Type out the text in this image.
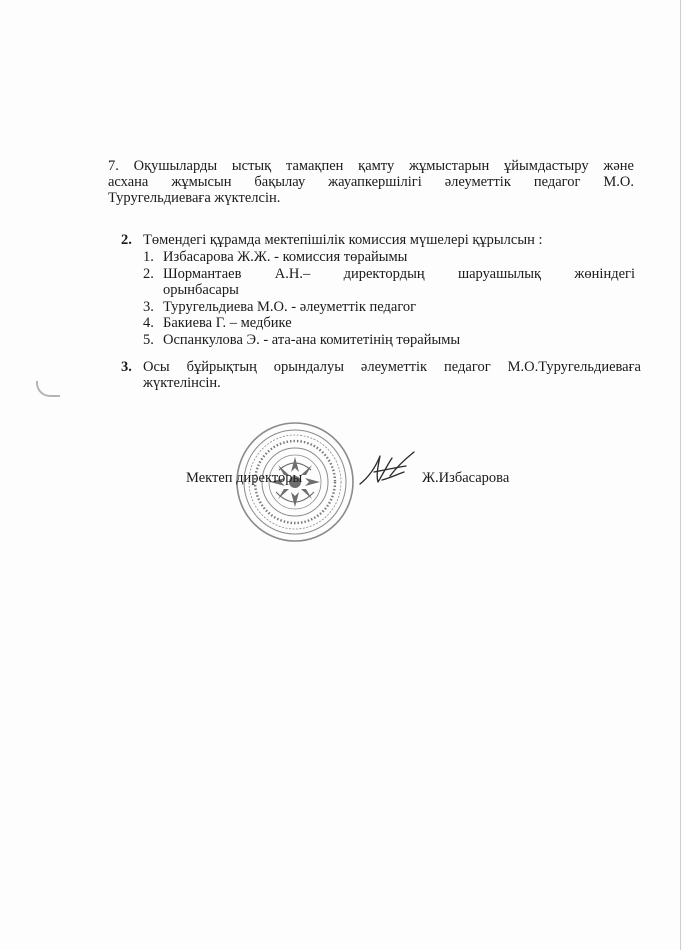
7. Оқушыларды ыстық тамақпен қамту жұмыстарын ұйымдастыру және
асхана жұмысын бақылау жауапкершілігі әлеуметтік педагог М.О.
Туругельдиеваға жүктелсін.
2. Төмендегі құрамда мектепішілік комиссия мүшелері құрылсын :
1. Избасарова Ж.Ж. - комиссия төрайымы
2. Шормантаев А.Н.– директордың шаруашылық жөніндегі
орынбасары
3. Туругельдиева М.О. - әлеуметтік педагог
4. Бакиева Г. – медбике
5. Оспанкулова Э. - ата-ана комитетінің төрайымы
3. Осы бұйрықтың орындалуы әлеуметтік педагог М.О.Туругельдиеваға
жүктелінсін.
Мектеп директоры	Ж.Избасарова
